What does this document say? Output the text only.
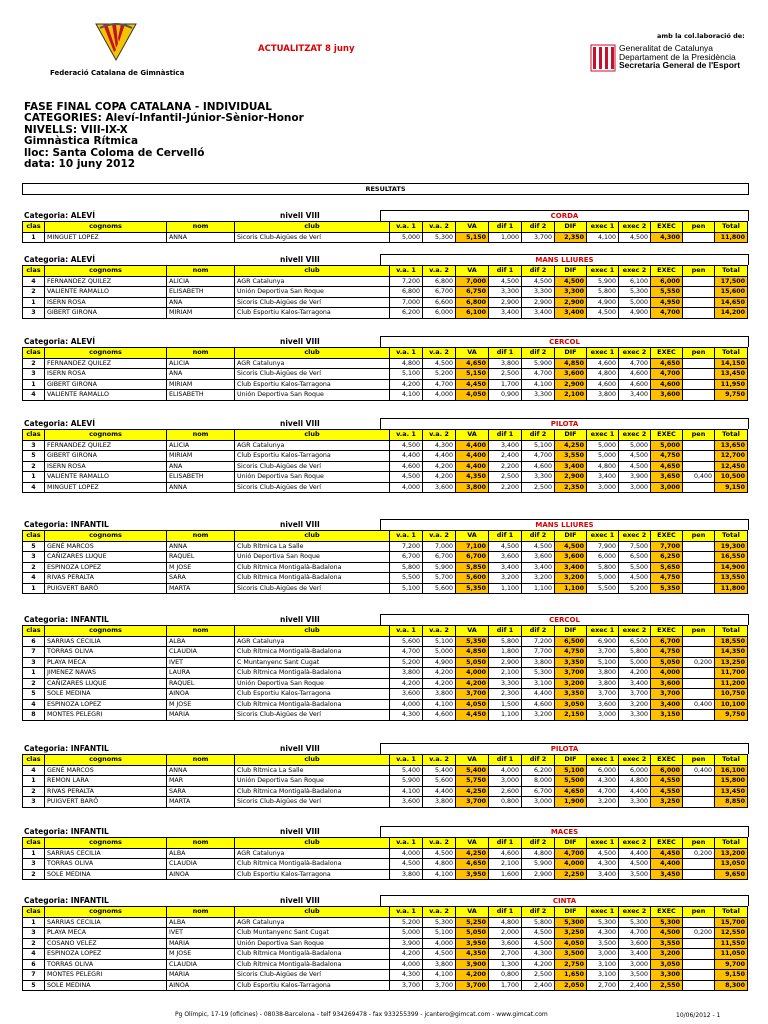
Federació Catalana de Gimnàstica
ACTUALITZAT 8 juny
amb la col.laboració de:
Generalitat de Catalunya
Departament de la Presidència
Secretaria General de l'Esport
FASE FINAL COPA CATALANA - INDIVIDUAL
CATEGORIES: Aleví-Infantil-Júnior-Sènior-Honor
NIVELLS: VIII-IX-X
Gimnàstica Rítmica
lloc: Santa Coloma de Cervelló
data: 10 juny 2012
RESULTATS
Categoria: ALEVÍ	nivell VIII	CORDA
clas	cognoms	nom	club	v.a. 1	v.a. 2	VA	dif 1	dif 2	DIF	exec 1	exec 2	EXEC	pen	Total
1	MINGUET LOPEZ	ANNA	Sicoris Club-Aigües de Verí	5,000	5,300	5,150	1,000	3,700	2,350	4,100	4,500	4,300		11,800
Categoria: ALEVÍ	nivell VIII	MANS LLIURES
clas	cognoms	nom	club	v.a. 1	v.a. 2	VA	dif 1	dif 2	DIF	exec 1	exec 2	EXEC	pen	Total
4	FERNANDEZ QUILEZ	ALICIA	AGR Catalunya	7,200	6,800	7,000	4,500	4,500	4,500	5,900	6,100	6,000		17,500
2	VALIENTE RAMALLO	ELISABETH	Unión Deportiva San Roque	6,800	6,700	6,750	3,300	3,300	3,300	5,800	5,300	5,550		15,600
1	ISERN ROSA	ANA	Sicoris Club-Aigües de Verí	7,000	6,600	6,800	2,900	2,900	2,900	4,900	5,000	4,950		14,650
3	GIBERT GIRONA	MIRIAM	Club Esportiu Kalos-Tarragona	6,200	6,000	6,100	3,400	3,400	3,400	4,500	4,900	4,700		14,200
Categoria: ALEVÍ	nivell VIII	CERCOL
clas	cognoms	nom	club	v.a. 1	v.a. 2	VA	dif 1	dif 2	DIF	exec 1	exec 2	EXEC	pen	Total
2	FERNANDEZ QUILEZ	ALICIA	AGR Catalunya	4,800	4,500	4,650	3,800	5,900	4,850	4,600	4,700	4,650		14,150
3	ISERN ROSA	ANA	Sicoris Club-Aigües de Verí	5,100	5,200	5,150	2,500	4,700	3,600	4,800	4,600	4,700		13,450
1	GIBERT GIRONA	MIRIAM	Club Esportiu Kalos-Tarragona	4,200	4,700	4,450	1,700	4,100	2,900	4,600	4,600	4,600		11,950
4	VALIENTE RAMALLO	ELISABETH	Unión Deportiva San Roque	4,100	4,000	4,050	0,900	3,300	2,100	3,800	3,400	3,600		9,750
Categoria: ALEVÍ	nivell VIII	PILOTA
clas	cognoms	nom	club	v.a. 1	v.a. 2	VA	dif 1	dif 2	DIF	exec 1	exec 2	EXEC	pen	Total
3	FERNANDEZ QUILEZ	ALICIA	AGR Catalunya	4,500	4,300	4,400	3,400	5,100	4,250	5,000	5,000	5,000		13,650
5	GIBERT GIRONA	MIRIAM	Club Esportiu Kalos-Tarragona	4,400	4,400	4,400	2,400	4,700	3,550	5,000	4,500	4,750		12,700
2	ISERN ROSA	ANA	Sicoris Club-Aigües de Verí	4,600	4,200	4,400	2,200	4,600	3,400	4,800	4,500	4,650		12,450
1	VALIENTE RAMALLO	ELISABETH	Unión Deportiva San Roque	4,500	4,200	4,350	2,500	3,300	2,900	3,400	3,900	3,650	0,400	10,500
4	MINGUET LOPEZ	ANNA	Sicoris Club-Aigües de Verí	4,000	3,600	3,800	2,200	2,500	2,350	3,000	3,000	3,000		9,150
Categoria: INFANTIL	nivell VIII	MANS LLIURES
clas	cognoms	nom	club	v.a. 1	v.a. 2	VA	dif 1	dif 2	DIF	exec 1	exec 2	EXEC	pen	Total
5	GENÉ MARCOS	ANNA	Club Rítmica La Salle	7,200	7,000	7,100	4,500	4,500	4,500	7,900	7,500	7,700		19,300
3	CAÑIZARES LUQUE	RAQUEL	Unió Deportiva San Roque	6,700	6,700	6,700	3,600	3,600	3,600	6,000	6,500	6,250		16,550
2	ESPINOZA LOPEZ	M JOSE	Club Rítmica Montigalà-Badalona	5,800	5,900	5,850	3,400	3,400	3,400	5,800	5,500	5,650		14,900
4	RIVAS PERALTA	SARA	Club Rítmica Montigalà-Badalona	5,500	5,700	5,600	3,200	3,200	3,200	5,000	4,500	4,750		13,550
1	PUIGVERT BARÓ	MARTA	Sicoris Club-Aigües de Verí	5,100	5,600	5,350	1,100	1,100	1,100	5,500	5,200	5,350		11,800
Categoria: INFANTIL	nivell VIII	CERCOL
clas	cognoms	nom	club	v.a. 1	v.a. 2	VA	dif 1	dif 2	DIF	exec 1	exec 2	EXEC	pen	Total
6	SARRIAS CECILIA	ALBA	AGR Catalunya	5,600	5,100	5,350	5,800	7,200	6,500	6,900	6,500	6,700		18,550
7	TORRAS OLIVA	CLAUDIA	Club Rítmica Montigalà-Badalona	4,700	5,000	4,850	1,800	7,700	4,750	3,700	5,800	4,750		14,350
3	PLAYA MECA	IVET	C Muntanyenc Sant Cugat	5,200	4,900	5,050	2,900	3,800	3,350	5,100	5,000	5,050	0,200	13,250
1	JIMENEZ NAVAS	LAURA	Club Rítmica Montigalà-Badalona	3,800	4,200	4,000	2,100	5,300	3,700	3,800	4,200	4,000		11,700
2	CAÑIZARES LUQUE	RAQUEL	Unión Deportiva San Roque	4,200	4,200	4,200	3,300	3,100	3,200	3,800	3,400	3,600		11,200
5	SOLE MEDINA	AINOA	Club Esportiu Kalos-Tarragona	3,600	3,800	3,700	2,300	4,400	3,350	3,700	3,700	3,700		10,750
4	ESPINOZA LOPEZ	M JOSE	Club Rítmica Montigalà-Badalona	4,000	4,100	4,050	1,500	4,600	3,050	3,600	3,200	3,400	0,400	10,100
8	MONTES PELEGRI	MARIA	Sicoris Club-Aigües de Verí	4,300	4,600	4,450	1,100	3,200	2,150	3,000	3,300	3,150		9,750
Categoria: INFANTIL	nivell VIII	PILOTA
clas	cognoms	nom	club	v.a. 1	v.a. 2	VA	dif 1	dif 2	DIF	exec 1	exec 2	EXEC	pen	Total
4	GENÉ MARCOS	ANNA	Club Rítmica La Salle	5,400	5,400	5,400	4,000	6,200	5,100	6,000	6,000	6,000	0,400	16,100
1	REMON LARA	MAR	Unión Deportiva San Roque	5,900	5,600	5,750	3,000	8,000	5,500	4,300	4,800	4,550		15,800
2	RIVAS PERALTA	SARA	Club Rítmica Montigalà-Badalona	4,100	4,400	4,250	2,600	6,700	4,650	4,700	4,400	4,550		13,450
3	PUIGVERT BARÓ	MARTA	Sicoris Club-Aigües de Verí	3,600	3,800	3,700	0,800	3,000	1,900	3,200	3,300	3,250		8,850
Categoria: INFANTIL	nivell VIII	MACES
clas	cognoms	nom	club	v.a. 1	v.a. 2	VA	dif 1	dif 2	DIF	exec 1	exec 2	EXEC	pen	Total
1	SARRIAS CECILIA	ALBA	AGR Catalunya	4,000	4,500	4,250	4,600	4,800	4,700	4,500	4,400	4,450	0,200	13,200
3	TORRAS OLIVA	CLAUDIA	Club Rítmica Montigalà-Badalona	4,500	4,800	4,650	2,100	5,900	4,000	4,300	4,500	4,400		13,050
2	SOLE MEDINA	AINOA	Club Esportiu Kalos-Tarragona	3,800	4,100	3,950	1,600	2,900	2,250	3,400	3,500	3,450		9,650
Categoria: INFANTIL	nivell VIII	CINTA
clas	cognoms	nom	club	v.a. 1	v.a. 2	VA	dif 1	dif 2	DIF	exec 1	exec 2	EXEC	pen	Total
1	SARRIAS CECILIA	ALBA	AGR Catalunya	5,200	5,300	5,250	4,800	5,800	5,300	5,300	5,300	5,300		15,700
3	PLAYA MECA	IVET	Club Muntanyenc Sant Cugat	5,000	5,100	5,050	2,000	4,500	3,250	4,300	4,700	4,500	0,200	12,550
2	COSANO VELEZ	MARIA	Unión Deportiva San Roque	3,900	4,000	3,950	3,600	4,500	4,050	3,500	3,600	3,550		11,550
4	ESPINOZA LOPEZ	M JOSE	Club Rítmica Montigalà-Badalona	4,200	4,500	4,350	2,700	4,300	3,500	3,000	3,400	3,200		11,050
6	TORRAS OLIVA	CLAUDIA	Club Rítmica Montigalà-Badalona	4,000	3,800	3,900	1,300	4,200	2,750	3,100	3,000	3,050		9,700
7	MONTES PELEGRI	MARIA	Sicoris Club-Aigües de Verí	4,300	4,100	4,200	0,800	2,500	1,650	3,100	3,500	3,300		9,150
5	SOLE MEDINA	AINOA	Club Esportiu Kalos-Tarragona	3,700	3,700	3,700	1,700	2,400	2,050	2,700	2,400	2,550		8,300
Pg Olímpic, 17-19 (oficines) - 08038-Barcelona - telf 934269478 - fax 933255399 - jcantero@gimcat.com - www.gimcat.com	10/06/2012 - 1
